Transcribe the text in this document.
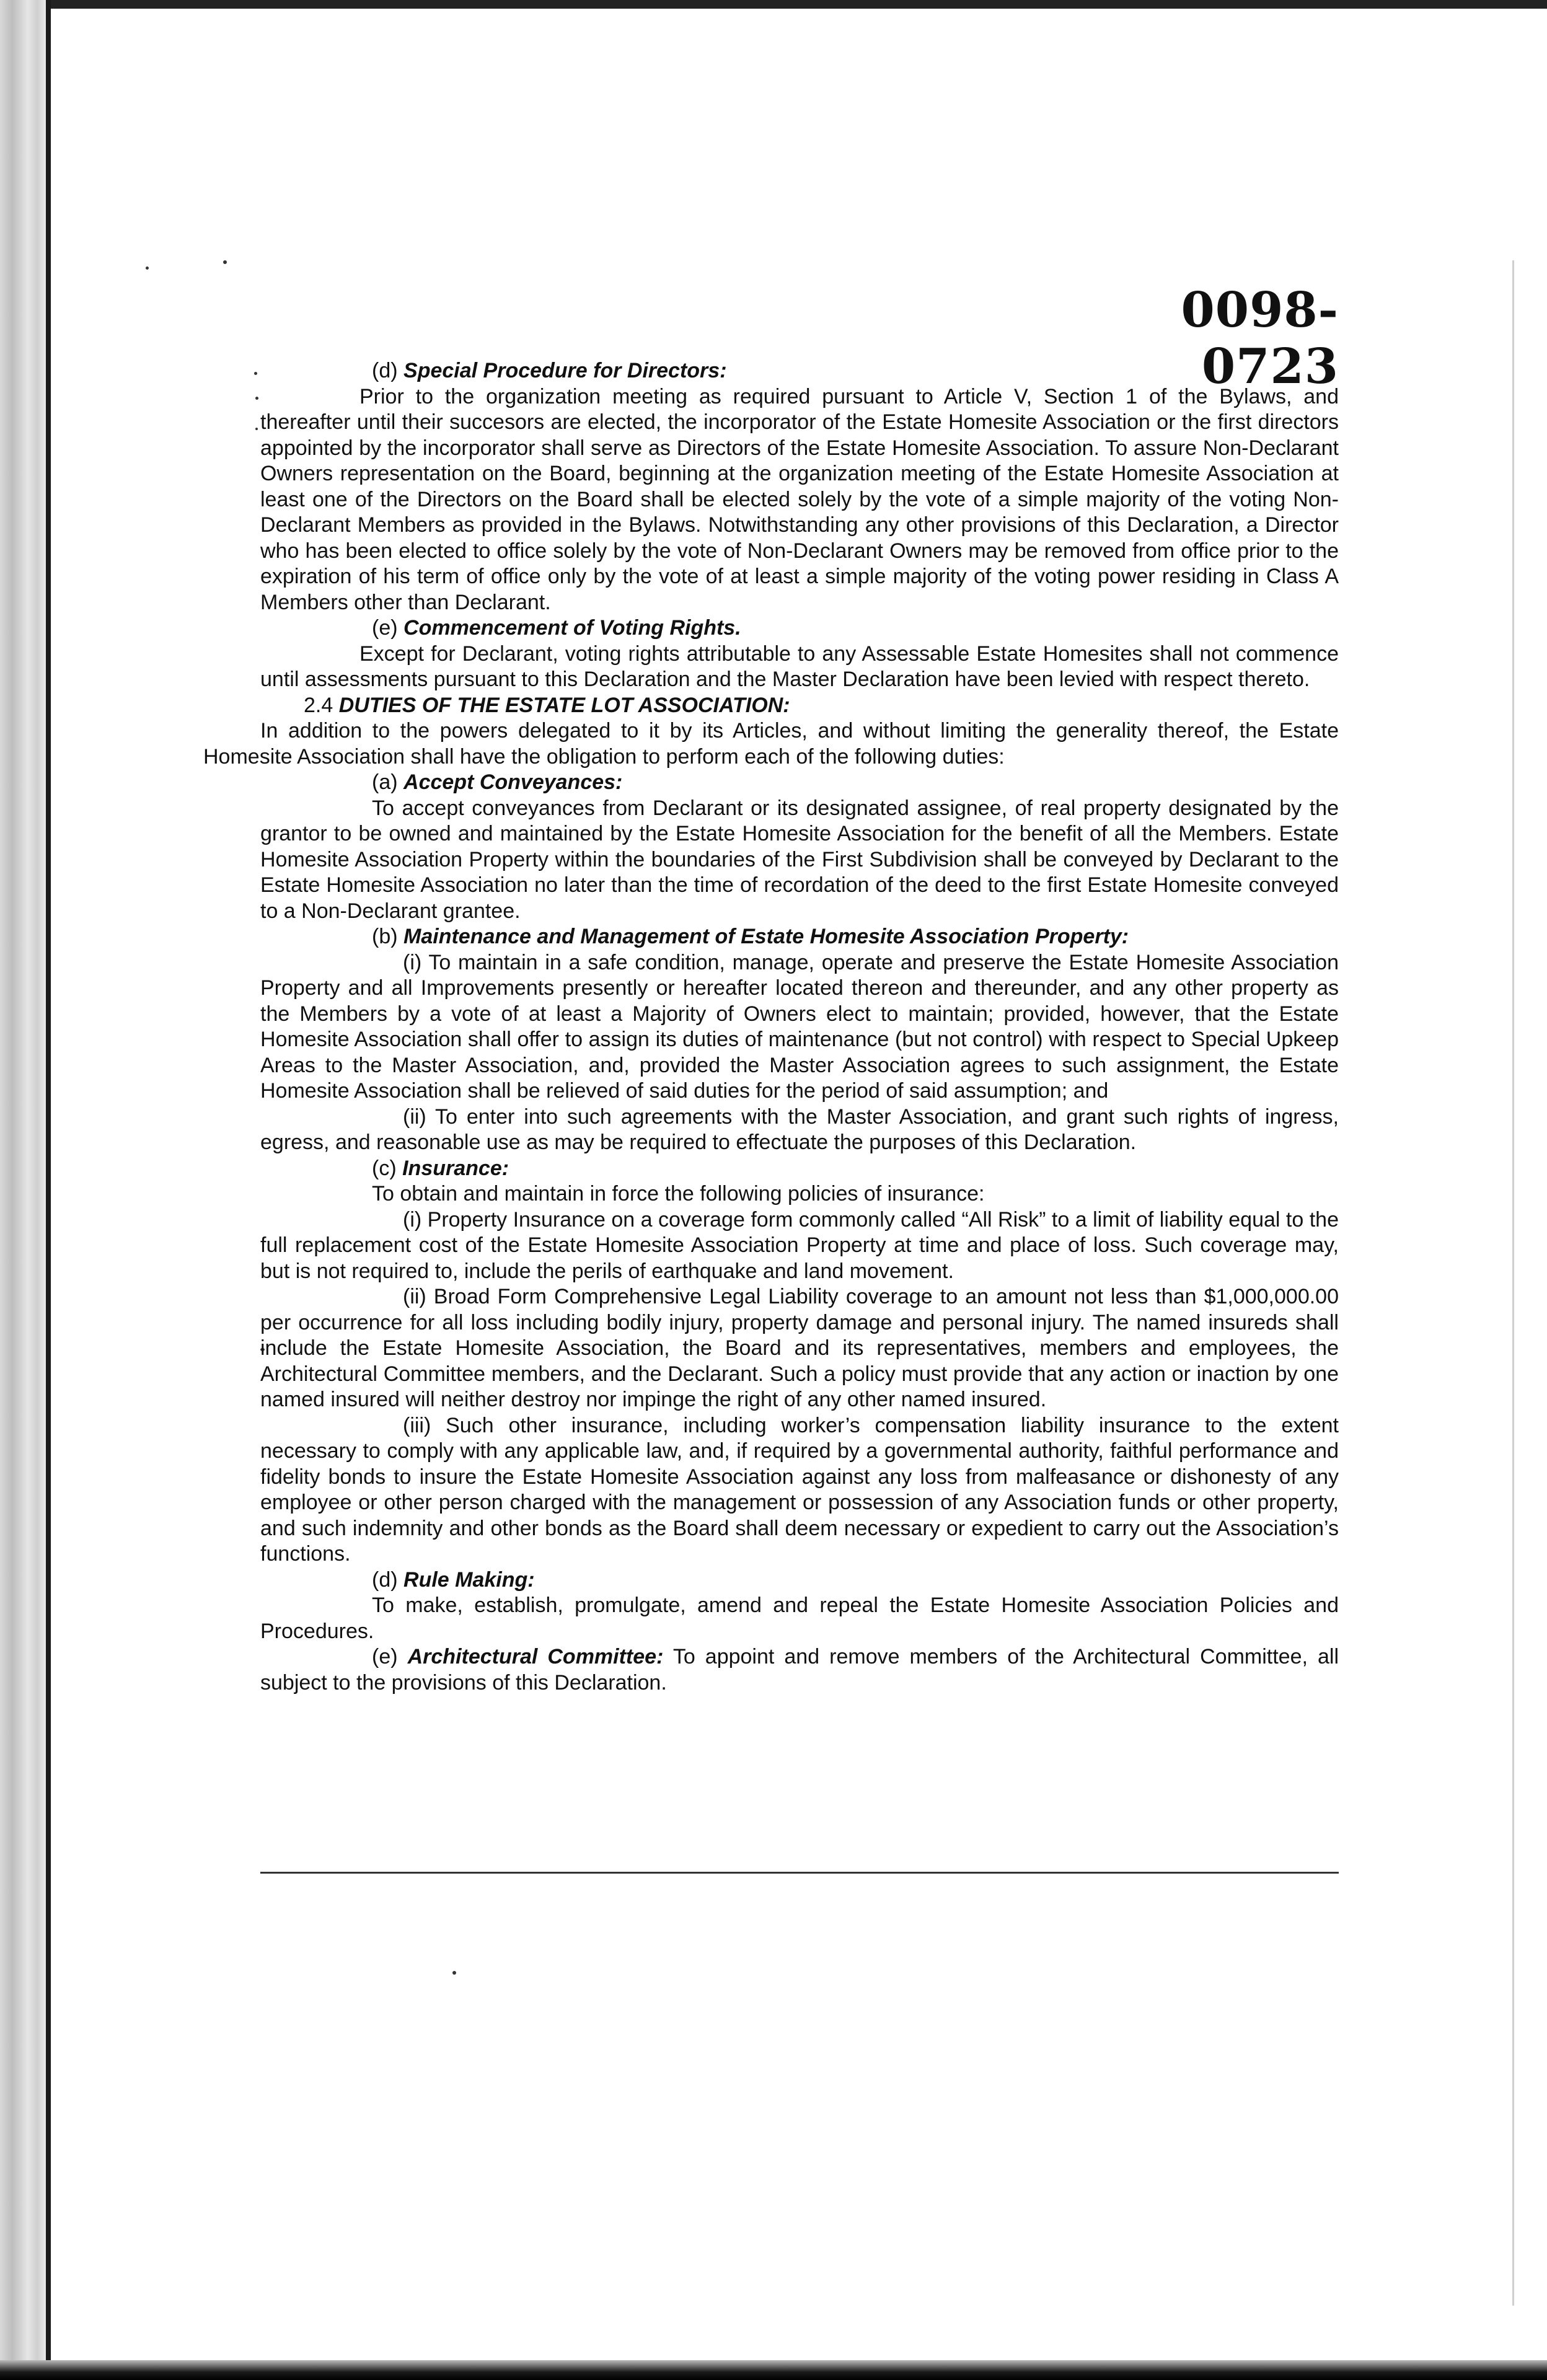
0098-0723

(d) Special Procedure for Directors:

Prior to the organization meeting as required pursuant to Article V, Section 1 of the Bylaws, and thereafter until their succesors are elected, the incorporator of the Estate Homesite Association or the first directors appointed by the incorporator shall serve as Directors of the Estate Homesite Association. To assure Non-Declarant Owners representation on the Board, beginning at the organization meeting of the Estate Homesite Association at least one of the Directors on the Board shall be elected solely by the vote of a simple majority of the voting Non-Declarant Members as provided in the Bylaws. Notwithstanding any other provisions of this Declaration, a Director who has been elected to office solely by the vote of Non-Declarant Owners may be removed from office prior to the expiration of his term of office only by the vote of at least a simple majority of the voting power residing in Class A Members other than Declarant.

(e) Commencement of Voting Rights.

Except for Declarant, voting rights attributable to any Assessable Estate Homesites shall not commence until assessments pursuant to this Declaration and the Master Declaration have been levied with respect thereto.

2.4 DUTIES OF THE ESTATE LOT ASSOCIATION:

In addition to the powers delegated to it by its Articles, and without limiting the generality thereof, the Estate Homesite Association shall have the obligation to perform each of the following duties:

(a) Accept Conveyances:

To accept conveyances from Declarant or its designated assignee, of real property designated by the grantor to be owned and maintained by the Estate Homesite Association for the benefit of all the Members. Estate Homesite Association Property within the boundaries of the First Subdivision shall be conveyed by Declarant to the Estate Homesite Association no later than the time of recordation of the deed to the first Estate Homesite conveyed to a Non-Declarant grantee.

(b) Maintenance and Management of Estate Homesite Association Property:

(i) To maintain in a safe condition, manage, operate and preserve the Estate Homesite Association Property and all Improvements presently or hereafter located thereon and thereunder, and any other property as the Members by a vote of at least a Majority of Owners elect to maintain; provided, however, that the Estate Homesite Association shall offer to assign its duties of maintenance (but not control) with respect to Special Upkeep Areas to the Master Association, and, provided the Master Association agrees to such assignment, the Estate Homesite Association shall be relieved of said duties for the period of said assumption; and

(ii) To enter into such agreements with the Master Association, and grant such rights of ingress, egress, and reasonable use as may be required to effectuate the purposes of this Declaration.

(c) Insurance:

To obtain and maintain in force the following policies of insurance:

(i) Property Insurance on a coverage form commonly called “All Risk” to a limit of liability equal to the full replacement cost of the Estate Homesite Association Property at time and place of loss. Such coverage may, but is not required to, include the perils of earthquake and land movement.

(ii) Broad Form Comprehensive Legal Liability coverage to an amount not less than $1,000,000.00 per occurrence for all loss including bodily injury, property damage and personal injury. The named insureds shall include the Estate Homesite Association, the Board and its representatives, members and employees, the Architectural Committee members, and the Declarant. Such a policy must provide that any action or inaction by one named insured will neither destroy nor impinge the right of any other named insured.

(iii) Such other insurance, including worker’s compensation liability insurance to the extent necessary to comply with any applicable law, and, if required by a governmental authority, faithful performance and fidelity bonds to insure the Estate Homesite Association against any loss from malfeasance or dishonesty of any employee or other person charged with the management or possession of any Association funds or other property, and such indemnity and other bonds as the Board shall deem necessary or expedient to carry out the Association’s functions.

(d) Rule Making:

To make, establish, promulgate, amend and repeal the Estate Homesite Association Policies and Procedures.

(e) Architectural Committee: To appoint and remove members of the Architectural Committee, all subject to the provisions of this Declaration.
